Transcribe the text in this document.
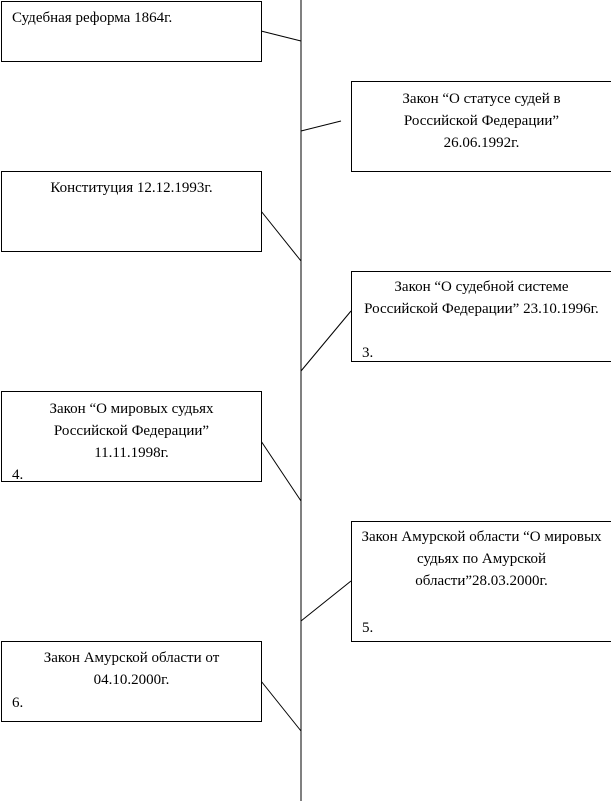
Судебная реформа 1864г.
Закон “О статусе судей в Российской Федерации” 26.06.1992г.
Конституция 12.12.1993г.
Закон “О судебной системе Российской Федерации” 23.10.1996г.
3.
Закон “О мировых судьях Российской Федерации” 11.11.1998г.
4.
Закон Амурской области “О мировых судьях по Амурской области”28.03.2000г.
5.
Закон Амурской области от 04.10.2000г.
6.
